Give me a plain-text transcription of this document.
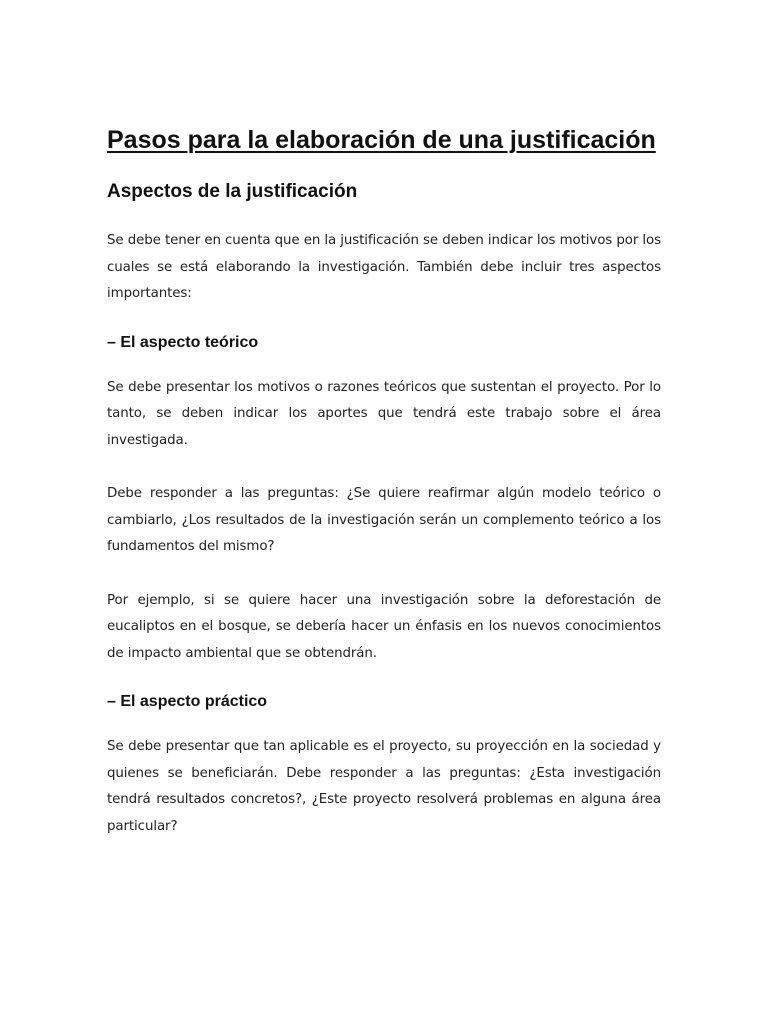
Pasos para la elaboración de una justificación
Aspectos de la justificación

Se debe tener en cuenta que en la justificación se deben indicar los motivos por los cuales se está elaborando la investigación. También debe incluir tres aspectos importantes:

– El aspecto teórico

Se debe presentar los motivos o razones teóricos que sustentan el proyecto. Por lo tanto, se deben indicar los aportes que tendrá este trabajo sobre el área investigada.

Debe responder a las preguntas: ¿Se quiere reafirmar algún modelo teórico o cambiarlo, ¿Los resultados de la investigación serán un complemento teórico a los fundamentos del mismo?

Por ejemplo, si se quiere hacer una investigación sobre la deforestación de eucaliptos en el bosque, se debería hacer un énfasis en los nuevos conocimientos de impacto ambiental que se obtendrán.

– El aspecto práctico

Se debe presentar que tan aplicable es el proyecto, su proyección en la sociedad y quienes se beneficiarán. Debe responder a las preguntas: ¿Esta investigación tendrá resultados concretos?, ¿Este proyecto resolverá problemas en alguna área particular?
